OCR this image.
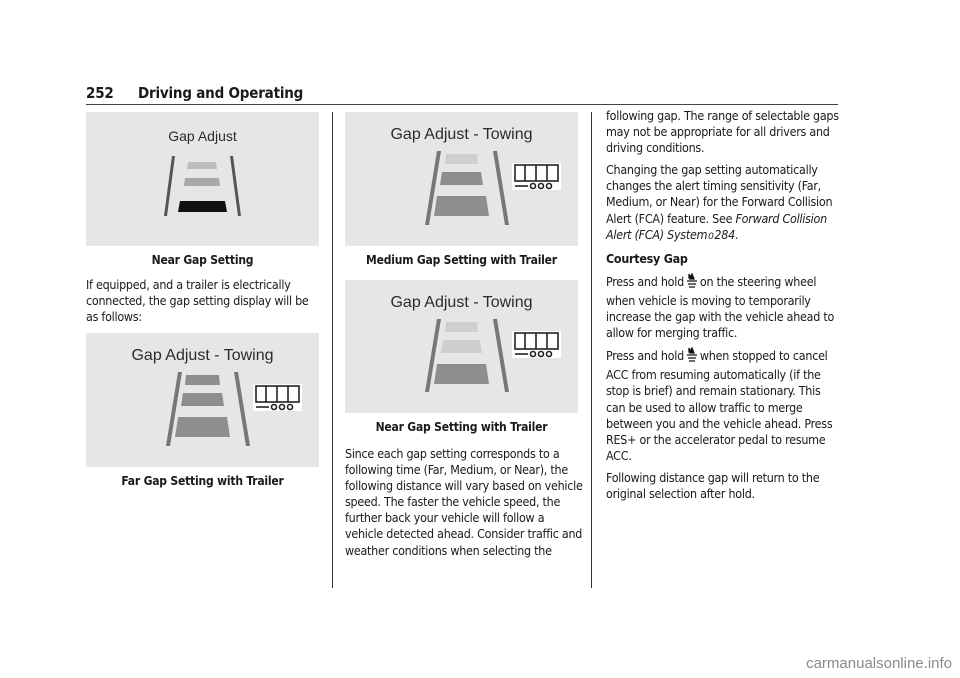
252 Driving and Operating
Gap Adjust
Near Gap Setting

If equipped, and a trailer is electrically connected, the gap setting display will be as follows:

Gap Adjust - Towing
Far Gap Setting with Trailer
Gap Adjust - Towing
Medium Gap Setting with Trailer
Gap Adjust - Towing
Near Gap Setting with Trailer

Since each gap setting corresponds to a following time (Far, Medium, or Near), the following distance will vary based on vehicle speed. The faster the vehicle speed, the further back your vehicle will follow a vehicle detected ahead. Consider traffic and weather conditions when selecting the

following gap. The range of selectable gaps may not be appropriate for all drivers and driving conditions.

Changing the gap setting automatically changes the alert timing sensitivity (Far, Medium, or Near) for the Forward Collision Alert (FCA) feature. See Forward Collision Alert (FCA) System 0 284.

Courtesy Gap

Press and hold on the steering wheel when vehicle is moving to temporarily increase the gap with the vehicle ahead to allow for merging traffic.

Press and hold when stopped to cancel ACC from resuming automatically (if the stop is brief) and remain stationary. This can be used to allow traffic to merge between you and the vehicle ahead. Press RES+ or the accelerator pedal to resume ACC.

Following distance gap will return to the original selection after hold.

carmanualsonline.info
